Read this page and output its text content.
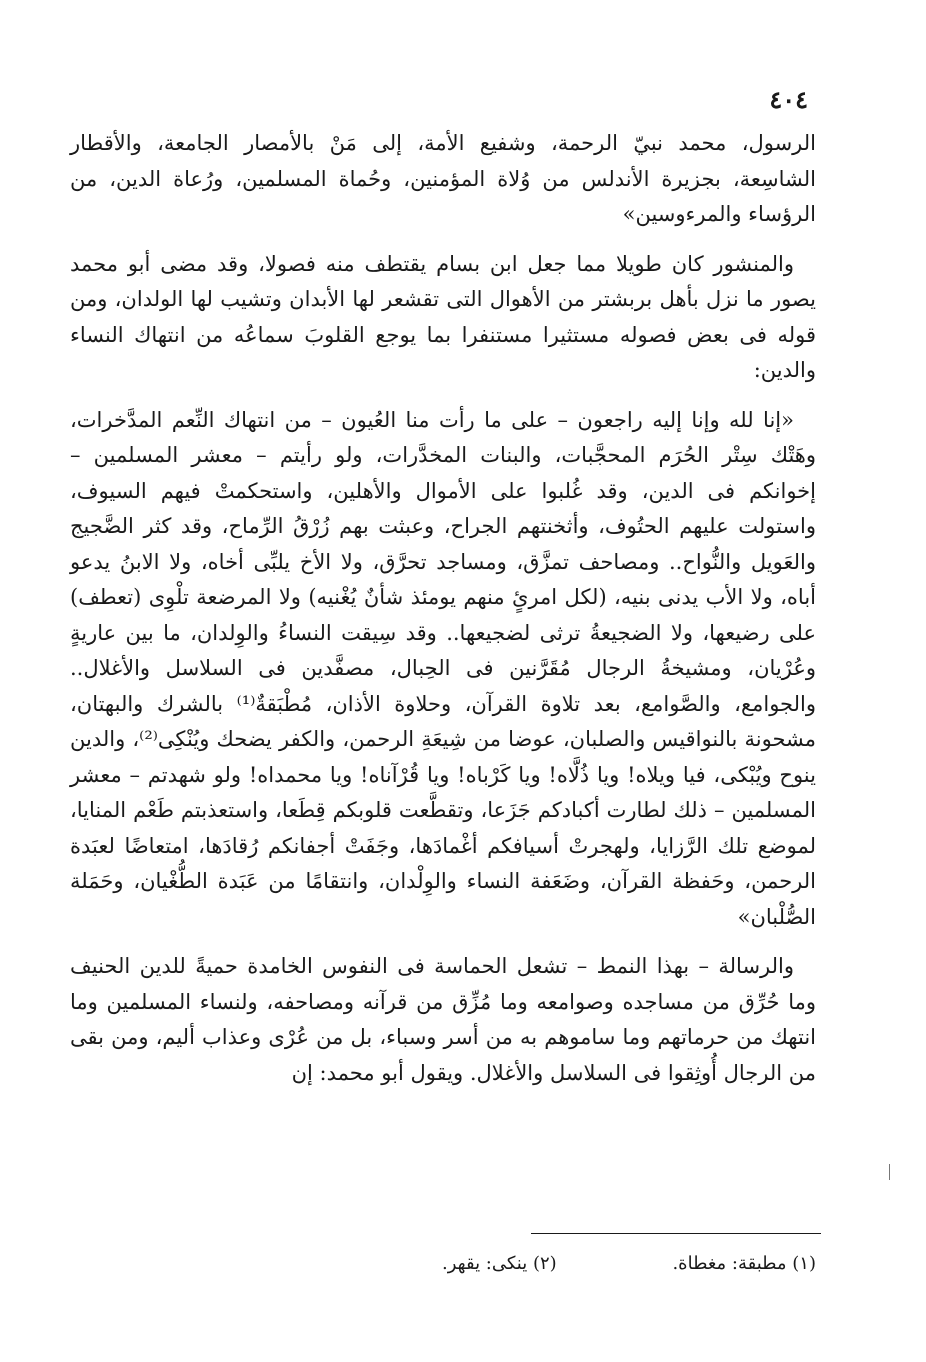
٤٠٤

الرسول، محمد نبيّ الرحمة، وشفيع الأمة، إلى مَنْ بالأمصار الجامعة، والأقطار الشاسِعة، بجزيرة الأندلس من وُلاة المؤمنين، وحُماة المسلمين، ورُعاة الدين، من الرؤساء والمرءوسين»

والمنشور كان طويلا مما جعل ابن بسام يقتطف منه فصولا، وقد مضى أبو محمد يصور ما نزل بأهل بربشتر من الأهوال التى تقشعر لها الأبدان وتشيب لها الولدان، ومن قوله فى بعض فصوله مستثيرا مستنفرا بما يوجع القلوبَ سماعُه من انتهاك النساء والدين:

«إنا لله وإنا إليه راجعون – على ما رأت منا العُيون – من انتهاك النِّعم المدَّخرات، وهَتْك سِتْر الحُرَم المحجَّبات، والبنات المخدَّرات، ولو رأيتم – معشر المسلمين – إخوانكم فى الدين، وقد غُلبوا على الأموال والأهلين، واستحكمتْ فيهم السيوف، واستولت عليهم الحتُوف، وأثخنتهم الجراح، وعبثت بهم زُرْقُ الرِّماح، وقد كثر الضَّجيج والعَويل والنُّواح.. ومصاحف تمزَّق، ومساجد تحرَّق، ولا الأخ يلبِّى أخاه، ولا الابنُ يدعو أباه، ولا الأب يدنى بنيه، (لكل امرئٍ منهم يومئذ شأنٌ يُغْنيه) ولا المرضعة تلْوِى (تعطف) على رضيعها، ولا الضجيعةُ ترثى لضجيعها.. وقد سِيقت النساءُ والوِلدان، ما بين عاريةٍ وعُرْيان، ومشيخةُ الرجال مُقَرَّنين فى الحِبال، مصفَّدين فى السلاسل والأغلال.. والجوامع، والصَّوامع، بعد تلاوة القرآن، وحلاوة الأذان، مُطْبَقةٌ⁽¹⁾ بالشرك والبهتان، مشحونة بالنواقيس والصلبان، عوضا من شِيعَةِ الرحمن، والكفر يضحك ويُنْكِى⁽²⁾، والدين ينوح ويُبْكى، فيا ويلاه! ويا ذُلَّاه! ويا كَرْباه! ويا قُرْآناه! ويا محمداه! ولو شهدتم – معشر المسلمين – ذلك لطارت أكبادكم جَزَعا، وتقطَّعت قلوبكم قِطَعا، واستعذبتم طَعْم المنايا، لموضع تلك الرَّزايا، ولهجرتْ أسيافكم أغْمادَها، وجَفَتْ أجفانكم رُقادَها، امتعاضًا لعبَدة الرحمن، وحَفظة القرآن، وضَعَفة النساء والوِلْدان، وانتقامًا من عَبَدة الطُّغْيان، وحَمَلة الصُّلْبان»

والرسالة – بهذا النمط – تشعل الحماسة فى النفوس الخامدة حميةً للدين الحنيف وما حُرِّق من مساجده وصوامعه وما مُزِّق من قرآنه ومصاحفه، ولنساء المسلمين وما انتهك من حرماتهم وما ساموهم به من أسر وسباء، بل من عُرْى وعذاب أليم، ومن بقى من الرجال أُوثِقوا فى السلاسل والأغلال. ويقول أبو محمد: إن

(١) مطبقة: مغطاة. (٢) ينكى: يقهر.
